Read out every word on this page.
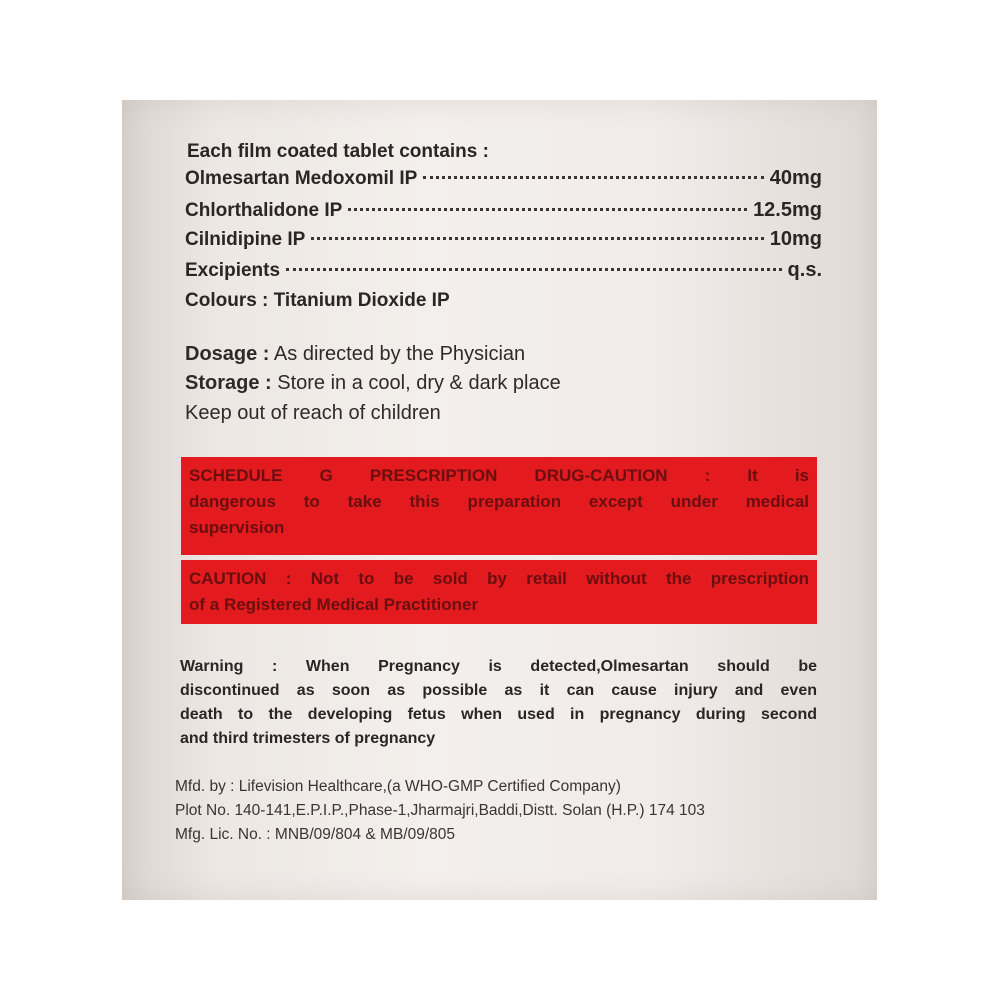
Each film coated tablet contains :
Olmesartan Medoxomil IP	40mg
Chlorthalidone IP	12.5mg
Cilnidipine IP	10mg
Excipients	q.s.
Colours : Titanium Dioxide IP
Dosage : As directed by the Physician
Storage : Store in a cool, dry & dark place
Keep out of reach of children
SCHEDULE G PRESCRIPTION DRUG-CAUTION : It is
dangerous to take this preparation except under medical
supervision
CAUTION : Not to be sold by retail without the prescription
of a Registered Medical Practitioner
Warning : When Pregnancy is detected,Olmesartan should be
discontinued as soon as possible as it can cause injury and even
death to the developing fetus when used in pregnancy during second
and third trimesters of pregnancy
Mfd. by : Lifevision Healthcare,(a WHO-GMP Certified Company)
Plot No. 140-141,E.P.I.P.,Phase-1,Jharmajri,Baddi,Distt. Solan (H.P.) 174 103
Mfg. Lic. No. : MNB/09/804 & MB/09/805
